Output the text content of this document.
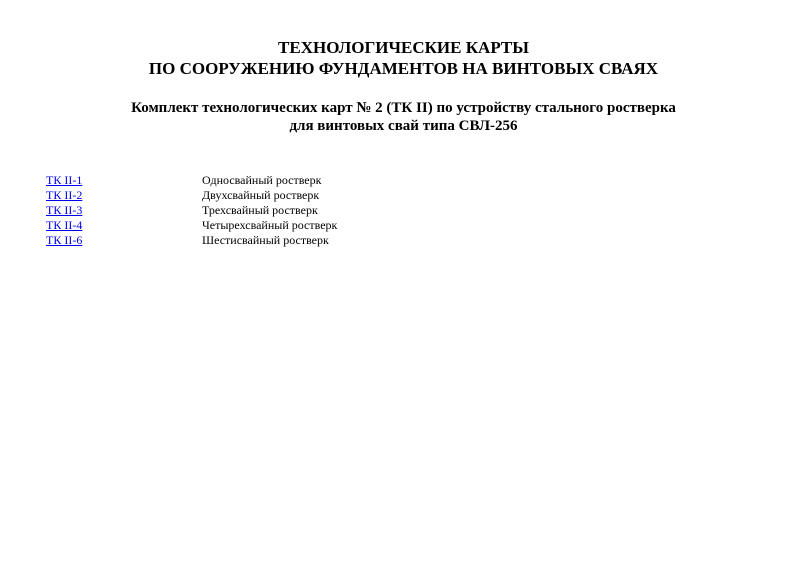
ТЕХНОЛОГИЧЕСКИЕ КАРТЫ
ПО СООРУЖЕНИЮ ФУНДАМЕНТОВ НА ВИНТОВЫХ СВАЯХ
Комплект технологических карт № 2 (ТК II) по устройству стального ростверка
для винтовых свай типа СВЛ-256
ТК II-1	Односвайный ростверк
ТК II-2	Двухсвайный ростверк
ТК II-3	Трехсвайный ростверк
ТК II-4	Четырехсвайный ростверк
ТК II-6	Шестисвайный ростверк
